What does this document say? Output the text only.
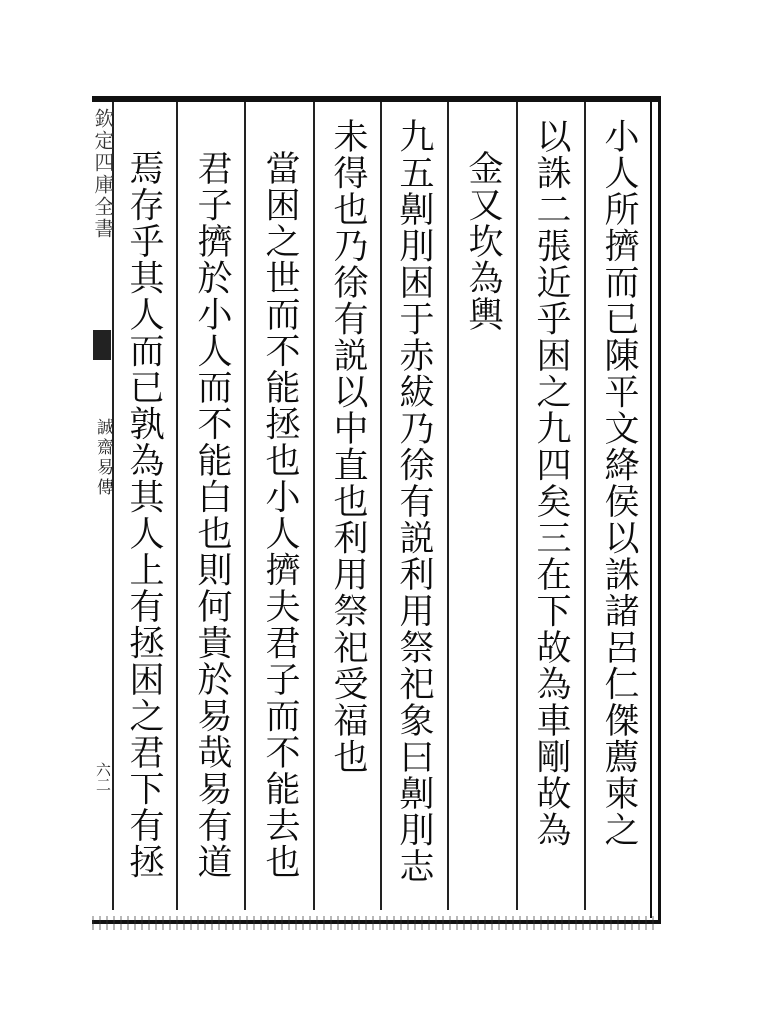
欽定四庫全書
誠齋易傳
六二	小人所擠而已陳平文絳侯以誅諸呂仁傑薦柬之
以誅二張近乎困之九四矣三在下故為車剛故為
金又坎為輿
九五劓刖困于赤紱乃徐有説利用祭祀象曰劓刖志
未得也乃徐有説以中直也利用祭祀受福也
當困之世而不能拯也小人擠夫君子而不能去也
君子擠於小人而不能白也則何貴於易哉易有道
焉存乎其人而已孰為其人上有拯困之君下有拯
